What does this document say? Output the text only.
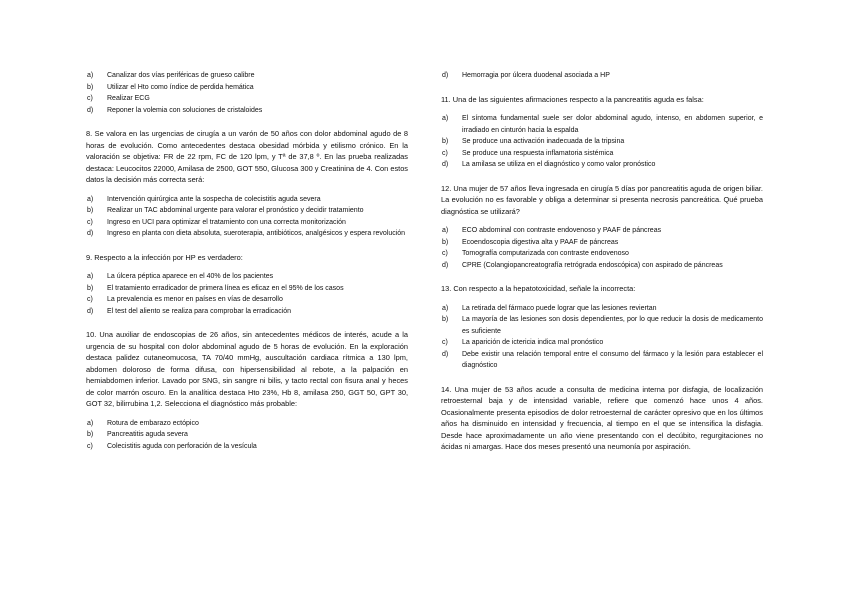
a)	Canalizar dos vías periféricas de grueso calibre
b)	Utilizar el Hto como índice de perdida hemática
c)	Realizar ECG
d)	Reponer la volemia con soluciones de cristaloides

8. Se valora en las urgencias de cirugía a un varón de 50 años con dolor abdominal agudo de 8 horas de evolución. Como antecedentes destaca obesidad mórbida y etilismo crónico. En la valoración se objetiva: FR de 22 rpm, FC de 120 lpm, y Tª de 37,8 º. En las prueba realizadas destaca: Leucocitos 22000, Amilasa de 2500, GOT 550, Glucosa 300 y Creatinina de 4. Con estos datos la decisión más correcta será:

a)	Intervención quirúrgica ante la sospecha de colecistitis aguda severa
b)	Realizar un TAC abdominal urgente para valorar el pronóstico y decidir tratamiento
c)	Ingreso en UCI para optimizar el tratamiento con una correcta monitorización
d)	Ingreso en planta con dieta absoluta, sueroterapia, antibióticos, analgésicos y espera revolución

9. Respecto a la infección por HP es verdadero:

a)	La úlcera péptica aparece en el 40% de los pacientes
b)	El tratamiento erradicador de primera línea es eficaz en el 95% de los casos
c)	La prevalencia es menor en países en vías de desarrollo
d)	El test del aliento se realiza para comprobar la erradicación

10. Una auxiliar de endoscopias de 26 años, sin antecedentes médicos de interés, acude a la urgencia de su hospital con dolor abdominal agudo de 5 horas de evolución. En la exploración destaca palidez cutaneomucosa, TA 70/40 mmHg, auscultación cardiaca rítmica a 130 lpm, abdomen doloroso de forma difusa, con hipersensibilidad al rebote, a la palpación en hemiabdomen inferior. Lavado por SNG, sin sangre ni bilis, y tacto rectal con fisura anal y heces de color marrón oscuro. En la analítica destaca Hto 23%, Hb 8, amilasa 250, GGT 50, GPT 30, GOT 32, bilirrubina 1,2. Selecciona el diagnóstico más probable:

a)	Rotura de embarazo ectópico
b)	Pancreatitis aguda severa
c)	Colecistitis aguda con perforación de la vesícula
d)	Hemorragia por úlcera duodenal asociada a HP

11. Una de las siguientes afirmaciones respecto a la pancreatitis aguda es falsa:

a)	El síntoma fundamental suele ser dolor abdominal agudo, intenso, en abdomen superior, e irradiado en cinturón hacia la espalda
b)	Se produce una activación inadecuada de la tripsina
c)	Se produce una respuesta inflamatoria sistémica
d)	La amilasa se utiliza en el diagnóstico y como valor pronóstico

12. Una mujer de 57 años lleva ingresada en cirugía 5 días por pancreatitis aguda de origen biliar. La evolución no es favorable y obliga a determinar si presenta necrosis pancreática. Qué prueba diagnóstica se utilizará?

a)	ECO abdominal con contraste endovenoso y PAAF de páncreas
b)	Ecoendoscopia digestiva alta y PAAF de páncreas
c)	Tomografía computarizada con contraste endovenoso
d)	CPRE (Colangiopancreatografía retrógrada endoscópica) con aspirado de páncreas

13. Con respecto a la hepatotoxicidad, señale la incorrecta:

a)	La retirada del fármaco puede lograr que las lesiones reviertan
b)	La mayoría de las lesiones son dosis dependientes, por lo que reducir la dosis de medicamento es suficiente
c)	La aparición de ictericia indica mal pronóstico
d)	Debe existir una relación temporal entre el consumo del fármaco y la lesión para establecer el diagnóstico

14. Una mujer de 53 años acude a consulta de medicina interna por disfagia, de localización retroesternal baja y de intensidad variable, refiere que comenzó hace unos 4 años. Ocasionalmente presenta episodios de dolor retroesternal de carácter opresivo que en los últimos años ha disminuido en intensidad y frecuencia, al tiempo en el que se intensifica la disfagia. Desde hace aproximadamente un año viene presentando con el decúbito, regurgitaciones no ácidas ni amargas. Hace dos meses presentó una neumonía por aspiración.
